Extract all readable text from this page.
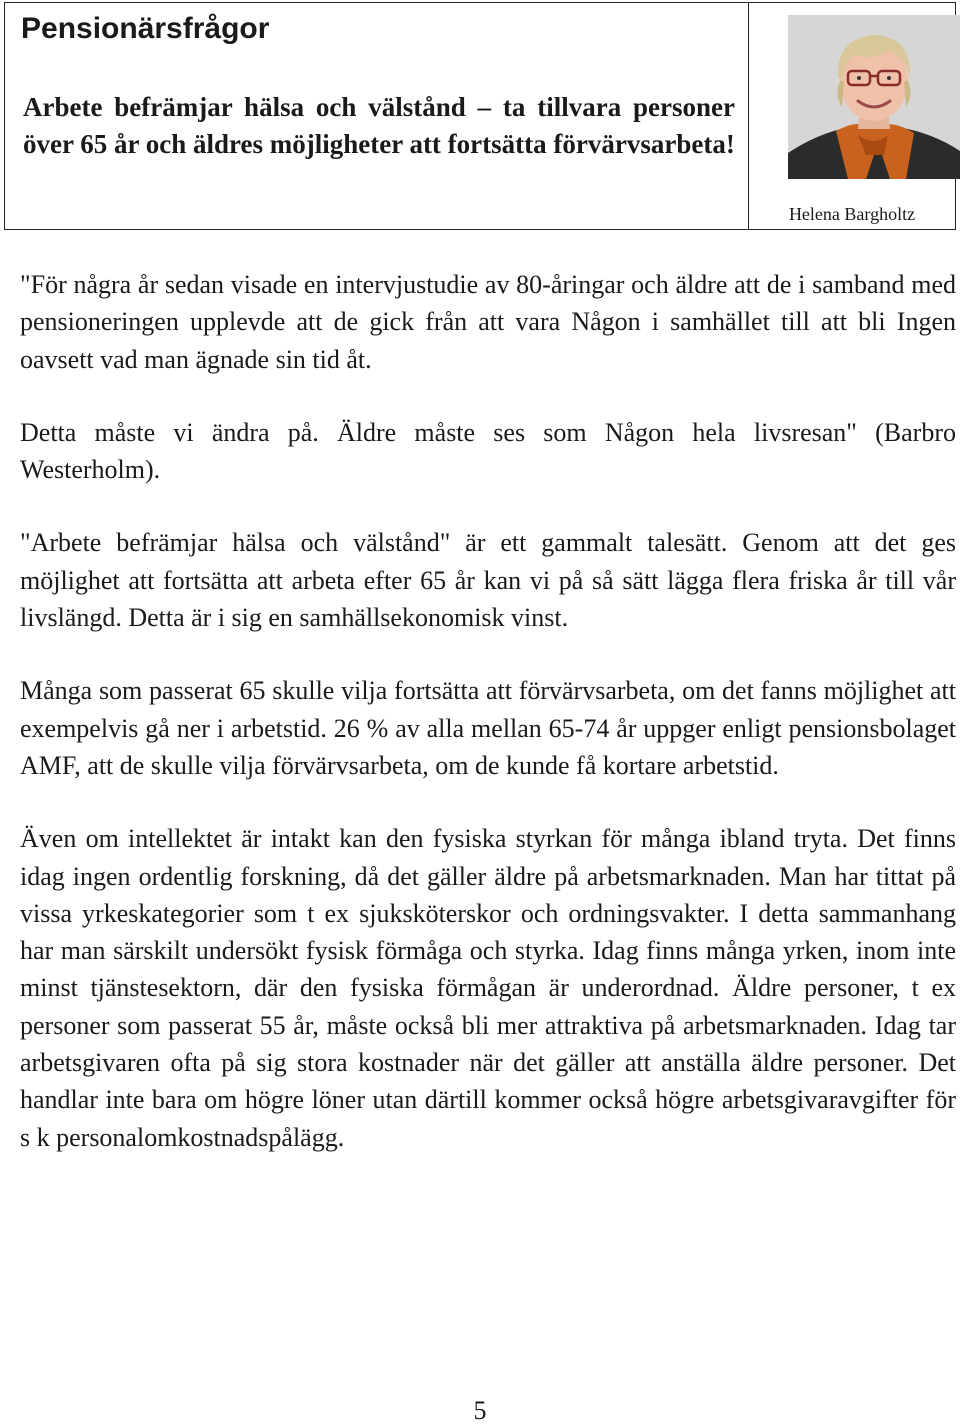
Pensionärsfrågor
Arbete befrämjar hälsa och välstånd – ta tillvara personer över 65 år och äldres möjligheter att fortsätta förvärvsarbeta!
Helena Bargholtz

"För några år sedan visade en intervjustudie av 80-åringar och äldre att de i samband med pensioneringen upplevde att de gick från att vara Någon i samhället till att bli Ingen oavsett vad man ägnade sin tid åt.

Detta måste vi ändra på. Äldre måste ses som Någon hela livsresan" (Barbro Westerholm).

"Arbete befrämjar hälsa och välstånd" är ett gammalt talesätt. Genom att det ges möjlighet att fortsätta att arbeta efter 65 år kan vi på så sätt lägga flera friska år till vår livslängd. Detta är i sig en samhällsekonomisk vinst.

Många som passerat 65 skulle vilja fortsätta att förvärvsarbeta, om det fanns möjlighet att exempelvis gå ner i arbetstid. 26 % av alla mellan 65-74 år uppger enligt pensionsbolaget AMF, att de skulle vilja förvärvsarbeta, om de kunde få kortare arbetstid.

Även om intellektet är intakt kan den fysiska styrkan för många ibland tryta. Det finns idag ingen ordentlig forskning, då det gäller äldre på arbetsmarknaden. Man har tittat på vissa yrkeskategorier som t ex sjuksköterskor och ordningsvakter. I detta sammanhang har man särskilt undersökt fysisk förmåga och styrka. Idag finns många yrken, inom inte minst tjänstesektorn, där den fysiska förmågan är underordnad. Äldre personer, t ex personer som passerat 55 år, måste också bli mer attraktiva på arbetsmarknaden. Idag tar arbetsgivaren ofta på sig stora kostnader när det gäller att anställa äldre personer. Det handlar inte bara om högre löner utan därtill kommer också högre arbetsgivaravgifter för s k personalomkostnadspålägg.

5
